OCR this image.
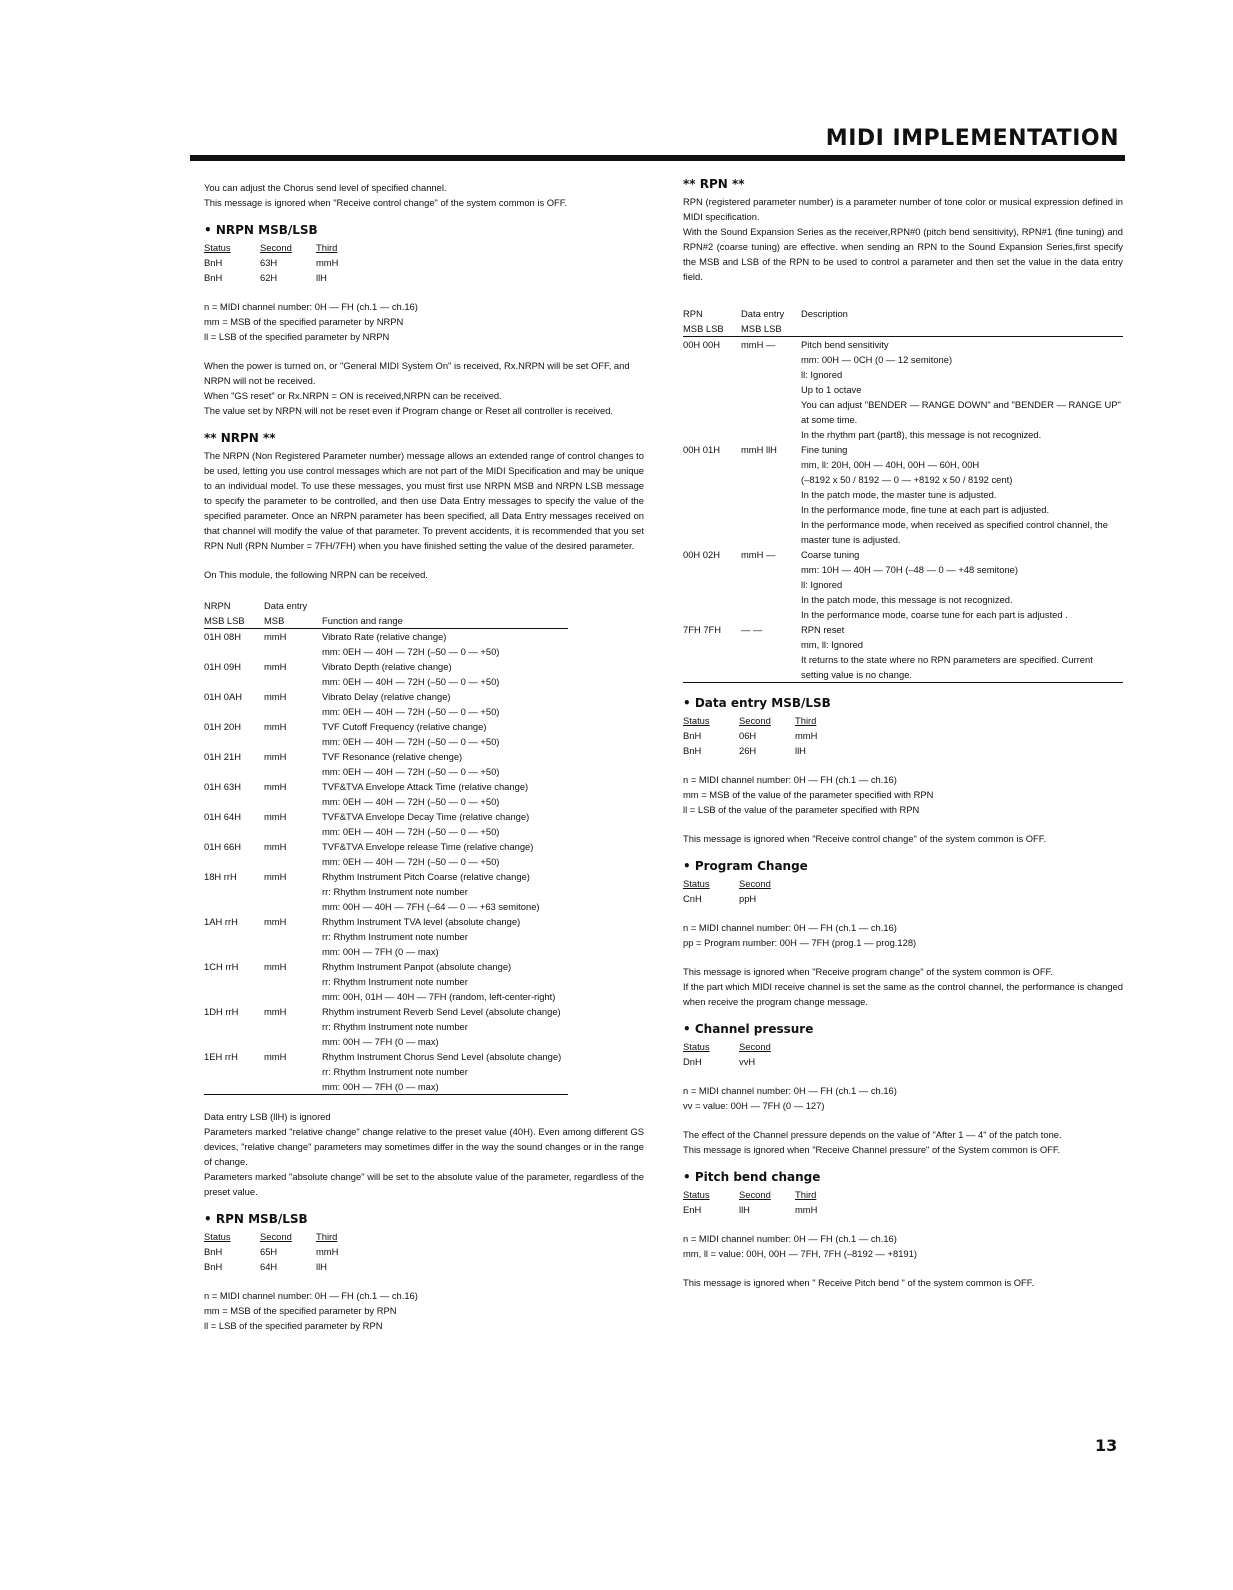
MIDI IMPLEMENTATION

You can adjust the Chorus send level of specified channel.

This message is ignored when "Receive control change" of the system common is OFF.

• NRPN MSB/LSB
Status	Second	Third
BnH	63H	mmH
BnH	62H	llH

n = MIDI channel number: 0H — FH (ch.1 — ch.16)

mm = MSB of the specified parameter by NRPN

ll = LSB of the specified parameter by NRPN

When the power is turned on, or "General MIDI System On" is received, Rx.NRPN will be set OFF, and NRPN will not be received.

When "GS reset" or Rx.NRPN = ON is received,NRPN can be received.

The value set by NRPN will not be reset even if Program change or Reset all controller is received.

** NRPN **

The NRPN (Non Registered Parameter number) message allows an extended range of control changes to be used, letting you use control messages which are not part of the MIDI Specification and may be unique to an individual model. To use these messages, you must first use NRPN MSB and NRPN LSB message to specify the parameter to be controlled, and then use Data Entry messages to specify the value of the specified parameter. Once an NRPN parameter has been specified, all Data Entry messages received on that channel will modify the value of that parameter. To prevent accidents, it is recommended that you set RPN Null (RPN Number = 7FH/7FH) when you have finished setting the value of the desired parameter.

On This module, the following NRPN can be received.

NRPN	Data entry
MSB LSB	MSB	Function and range
01H 08H	mmH	Vibrato Rate (relative change)

mm: 0EH — 40H — 72H (–50 — 0 — +50)

01H 09H	mmH	Vibrato Depth (relative change)

mm: 0EH — 40H — 72H (–50 — 0 — +50)

01H 0AH	mmH	Vibrato Delay (relative change)

mm: 0EH — 40H — 72H (–50 — 0 — +50)

01H 20H	mmH	TVF Cutoff Frequency (relative change)

mm: 0EH — 40H — 72H (–50 — 0 — +50)

01H 21H	mmH	TVF Resonance (relative chenge)

mm: 0EH — 40H — 72H (–50 — 0 — +50)

01H 63H	mmH	TVF&TVA Envelope Attack Time (relative change)

mm: 0EH — 40H — 72H (–50 — 0 — +50)

01H 64H	mmH	TVF&TVA Envelope Decay Time (relative change)

mm: 0EH — 40H — 72H (–50 — 0 — +50)

01H 66H	mmH	TVF&TVA Envelope release Time (relative change)

mm: 0EH — 40H — 72H (–50 — 0 — +50)

18H rrH	mmH	Rhythm Instrument Pitch Coarse (relative change)

rr: Rhythm Instrument note number

mm: 00H — 40H — 7FH (–64 — 0 — +63 semitone)

1AH rrH	mmH	Rhythm Instrument TVA level (absolute change)

rr: Rhythm Instrument note number

mm: 00H — 7FH (0 — max)

1CH rrH	mmH	Rhythm Instrument Panpot (absolute change)

rr: Rhythm Instrument note number

mm: 00H, 01H — 40H — 7FH (random, left-center-right)

1DH rrH	mmH	Rhythm instrument Reverb Send Level (absolute change)

rr: Rhythm Instrument note number

mm: 00H — 7FH (0 — max)

1EH rrH	mmH	Rhythm Instrument Chorus Send Level (absolute change)

rr: Rhythm Instrument note number

mm: 00H — 7FH (0 — max)

Data entry LSB (llH) is ignored

Parameters marked "relative change" change relative to the preset value (40H). Even among different GS devices, "relative change" parameters may sometimes differ in the way the sound changes or in the range of change.

Parameters marked "absolute change" will be set to the absolute value of the parameter, regardless of the preset value.

• RPN MSB/LSB
Status	Second	Third
BnH	65H	mmH
BnH	64H	llH

n = MIDI channel number: 0H — FH (ch.1 — ch.16)

mm = MSB of the specified parameter by RPN

ll = LSB of the specified parameter by RPN

** RPN **

RPN (registered parameter number) is a parameter number of tone color or musical expression defined in MIDI specification.

With the Sound Expansion Series as the receiver,RPN#0 (pitch bend sensitivity), RPN#1 (fine tuning) and RPN#2 (coarse tuning) are effective. when sending an RPN to the Sound Expansion Series,first specify the MSB and LSB of the RPN to be used to control a parameter and then set the value in the data entry field.

RPN	Data entry	Description
MSB LSB	MSB LSB
00H 00H	mmH —	Pitch bend sensitivity

mm: 00H — 0CH (0 — 12 semitone)

ll: Ignored

Up to 1 octave

You can adjust "BENDER — RANGE DOWN" and "BENDER — RANGE UP" at some time.

In the rhythm part (part8), this message is not recognized.

00H 01H	mmH llH	Fine tuning

mm, ll: 20H, 00H — 40H, 00H — 60H, 00H

(–8192 x 50 / 8192 — 0 — +8192 x 50 / 8192 cent)

In the patch mode, the master tune is adjusted.

In the performance mode, fine tune at each part is adjusted.

In the performance mode, when received as specified control channel, the master tune is adjusted.

00H 02H	mmH —	Coarse tuning

mm: 10H — 40H — 70H (–48 — 0 — +48 semitone)

ll: Ignored

In the patch mode, this message is not recognized.

In the performance mode, coarse tune for each part is adjusted .

7FH 7FH	— —	RPN reset

mm, ll: Ignored

It returns to the state where no RPN parameters are specified. Current setting value is no change.

• Data entry MSB/LSB
Status	Second	Third
BnH	06H	mmH
BnH	26H	llH

n = MIDI channel number: 0H — FH (ch.1 — ch.16)

mm = MSB of the value of the parameter specified with RPN

ll = LSB of the value of the parameter specified with RPN

This message is ignored when "Receive control change" of the system common is OFF.

• Program Change
Status	Second
CnH	ppH

n = MIDI channel number: 0H — FH (ch.1 — ch.16)

pp = Program number: 00H — 7FH (prog.1 — prog.128)

This message is ignored when "Receive program change" of the system common is OFF.

If the part which MIDI receive channel is set the same as the control channel, the performance is changed when receive the program change message.

• Channel pressure
Status	Second
DnH	vvH

n = MIDI channel number: 0H — FH (ch.1 — ch.16)

vv = value: 00H — 7FH (0 — 127)

The effect of the Channel pressure depends on the value of "After 1 — 4" of the patch tone.

This message is ignored when "Receive Channel pressure" of the System common is OFF.

• Pitch bend change
Status	Second	Third
EnH	llH	mmH

n = MIDI channel number: 0H — FH (ch.1 — ch.16)

mm, ll = value: 00H, 00H — 7FH, 7FH (–8192 — +8191)

This message is ignored when " Receive Pitch bend " of the system common is OFF.

13
